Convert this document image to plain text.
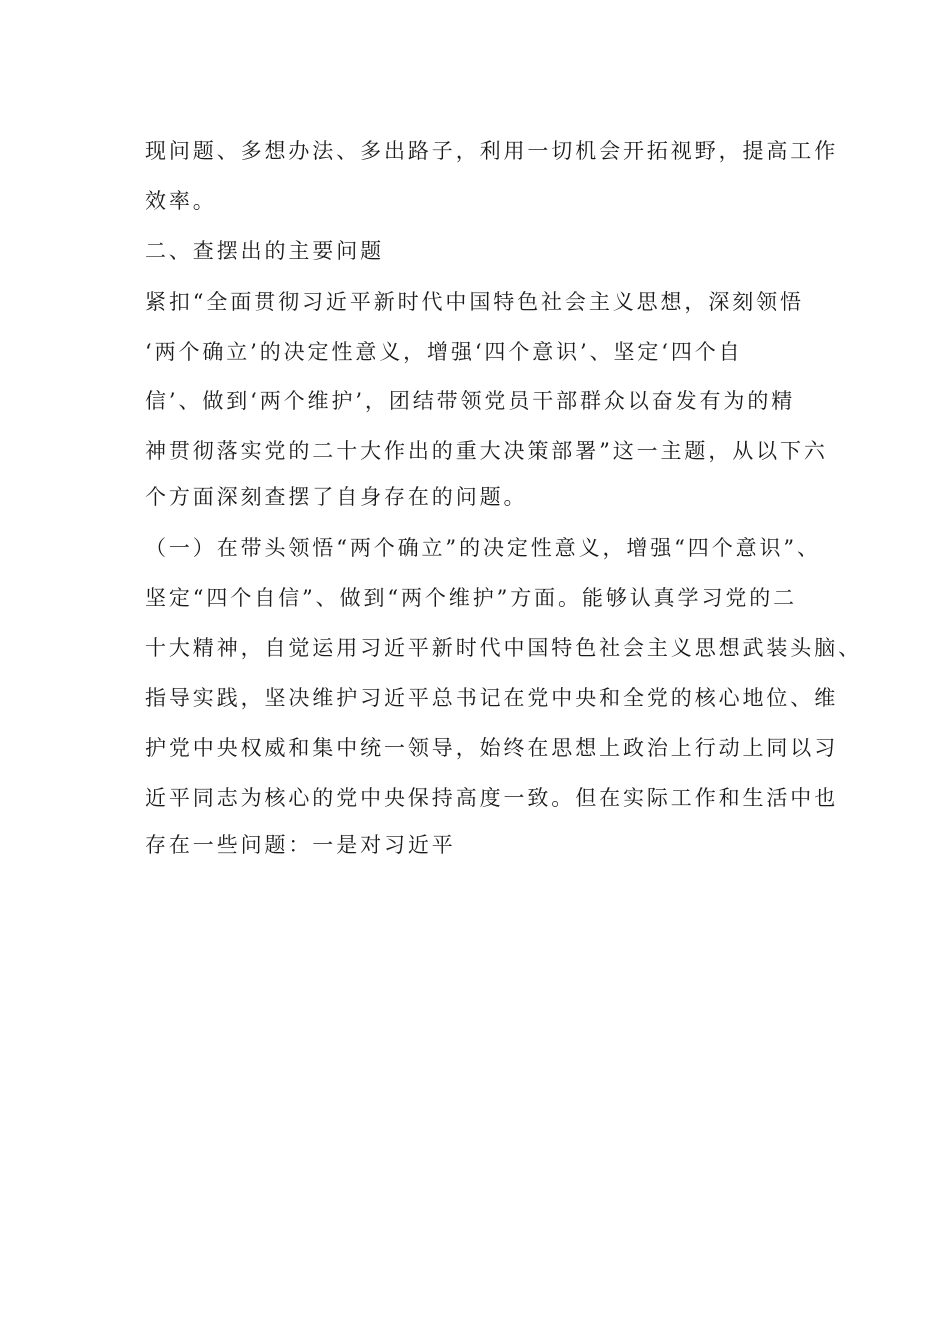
现问题、多想办法、多出路子，利用一切机会开拓视野，提高工作
效率。
二、查摆出的主要问题
紧扣“全面贯彻习近平新时代中国特色社会主义思想，深刻领悟
‘两个确立’的决定性意义，增强‘四个意识’、坚定‘四个自
信’、做到‘两个维护’，团结带领党员干部群众以奋发有为的精
神贯彻落实党的二十大作出的重大决策部署”这一主题，从以下六
个方面深刻查摆了自身存在的问题。
（一）在带头领悟“两个确立”的决定性意义，增强“四个意识”、
坚定“四个自信”、做到“两个维护”方面。能够认真学习党的二
十大精神，自觉运用习近平新时代中国特色社会主义思想武装头脑、
指导实践，坚决维护习近平总书记在党中央和全党的核心地位、维
护党中央权威和集中统一领导，始终在思想上政治上行动上同以习
近平同志为核心的党中央保持高度一致。但在实际工作和生活中也
存在一些问题：一是对习近平
